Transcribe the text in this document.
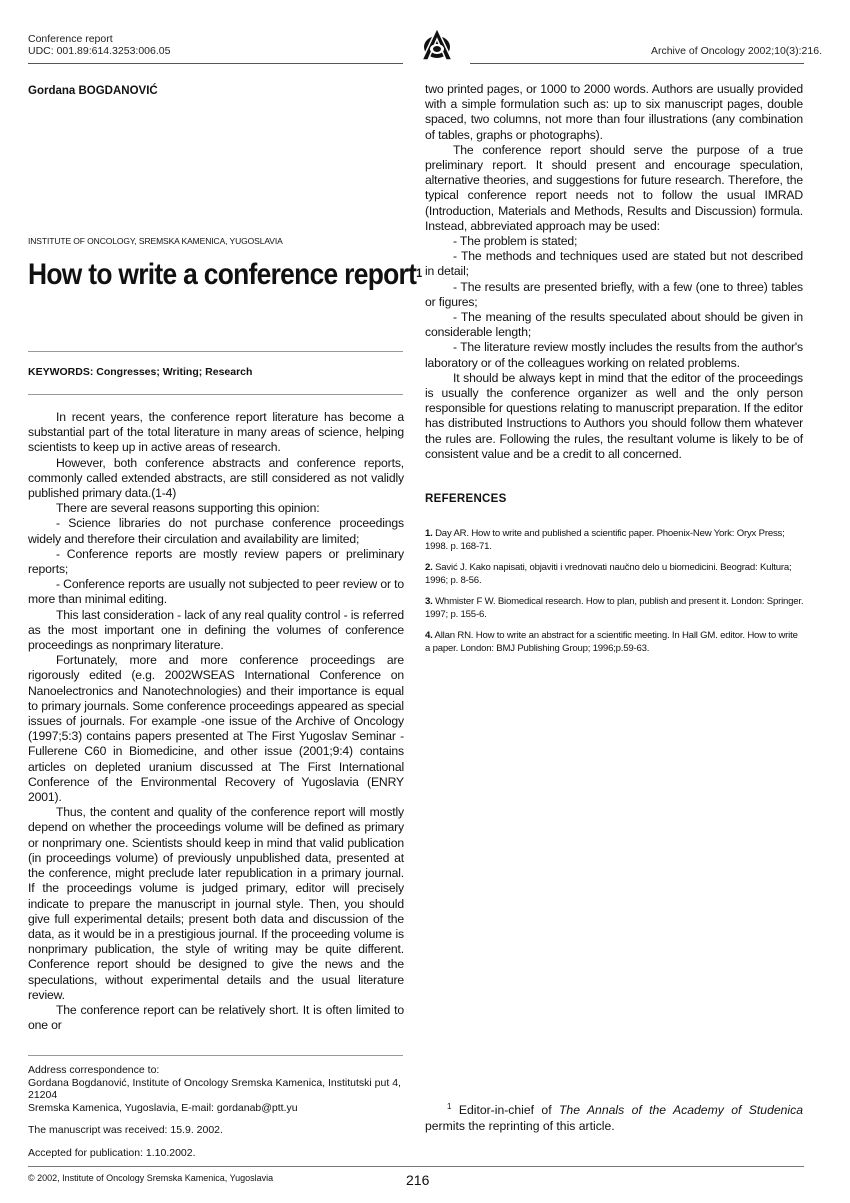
Conference report
UDC: 001.89:614.3253:006.05	Archive of Oncology 2002;10(3):216.
Gordana BOGDANOVIĆ
INSTITUTE OF ONCOLOGY, SREMSKA KAMENICA, YUGOSLAVIA
How to write a conference report$^1$
KEYWORDS: Congresses; Writing; Research

In recent years, the conference report literature has become a substantial part of the total literature in many areas of science, helping scientists to keep up in active areas of research.

However, both conference abstracts and conference reports, commonly called extended abstracts, are still considered as not validly published primary data.(1-4)

There are several reasons supporting this opinion:

- Science libraries do not purchase conference proceedings widely and therefore their circulation and availability are limited;

- Conference reports are mostly review papers or preliminary reports;

- Conference reports are usually not subjected to peer review or to more than minimal editing.

This last consideration - lack of any real quality control - is referred as the most important one in defining the volumes of conference proceedings as nonprimary literature.

Fortunately, more and more conference proceedings are rigorously edited (e.g. 2002WSEAS International Conference on Nanoelectronics and Nanotechnologies) and their importance is equal to primary journals. Some conference proceedings appeared as special issues of journals. For example -one issue of the Archive of Oncology (1997;5:3) contains papers presented at The First Yugoslav Seminar - Fullerene C60 in Biomedicine, and other issue (2001;9:4) contains articles on depleted uranium discussed at The First International Conference of the Environmental Recovery of Yugoslavia (ENRY 2001).

Thus, the content and quality of the conference report will mostly depend on whether the proceedings volume will be defined as primary or nonprimary one. Scientists should keep in mind that valid publication (in proceedings volume) of previously unpublished data, presented at the conference, might preclude later republication in a primary journal. If the proceedings volume is judged primary, editor will precisely indicate to prepare the manuscript in journal style. Then, you should give full experimental details; present both data and discussion of the data, as it would be in a prestigious journal. If the proceeding volume is nonprimary publication, the style of writing may be quite different. Conference report should be designed to give the news and the speculations, without experimental details and the usual literature review.

The conference report can be relatively short. It is often limited to one or

two printed pages, or 1000 to 2000 words. Authors are usually provided with a simple formulation such as: up to six manuscript pages, double spaced, two columns, not more than four illustrations (any combination of tables, graphs or photographs).

The conference report should serve the purpose of a true preliminary report. It should present and encourage speculation, alternative theories, and suggestions for future research. Therefore, the typical conference report needs not to follow the usual IMRAD (Introduction, Materials and Methods, Results and Discussion) formula. Instead, abbreviated approach may be used:

- The problem is stated;

- The methods and techniques used are stated but not described in detail;

- The results are presented briefly, with a few (one to three) tables or figures;

- The meaning of the results speculated about should be given in considerable length;

- The literature review mostly includes the results from the author's laboratory or of the colleagues working on related problems.

It should be always kept in mind that the editor of the proceedings is usually the conference organizer as well and the only person responsible for questions relating to manuscript preparation. If the editor has distributed Instructions to Authors you should follow them whatever the rules are. Following the rules, the resultant volume is likely to be of consistent value and be a credit to all concerned.

REFERENCES
1. Day AR. How to write and published a scientific paper. Phoenix-New York: Oryx Press; 1998. p. 168-71.
2. Savić J. Kako napisati, objaviti i vrednovati naučno delo u biomedicini. Beograd: Kultura; 1996; p. 8-56.
3. Whmister F W. Biomedical research. How to plan, publish and present it. London: Springer. 1997; p. 155-6.
4. Allan RN. How to write an abstract for a scientific meeting. In Hall GM. editor. How to write a paper. London: BMJ Publishing Group; 1996;p.59-63.
Address correspondence to:
Gordana Bogdanović, Institute of Oncology Sremska Kamenica, Institutski put 4, 21204
Sremska Kamenica, Yugoslavia, E-mail: gordanab@ptt.yu
The manuscript was received: 15.9. 2002.
Accepted for publication: 1.10.2002.
$^1$ Editor-in-chief of The Annals of the Academy of Studenica permits the reprinting of this article.
© 2002, Institute of Oncology Sremska Kamenica, Yugoslavia	216
